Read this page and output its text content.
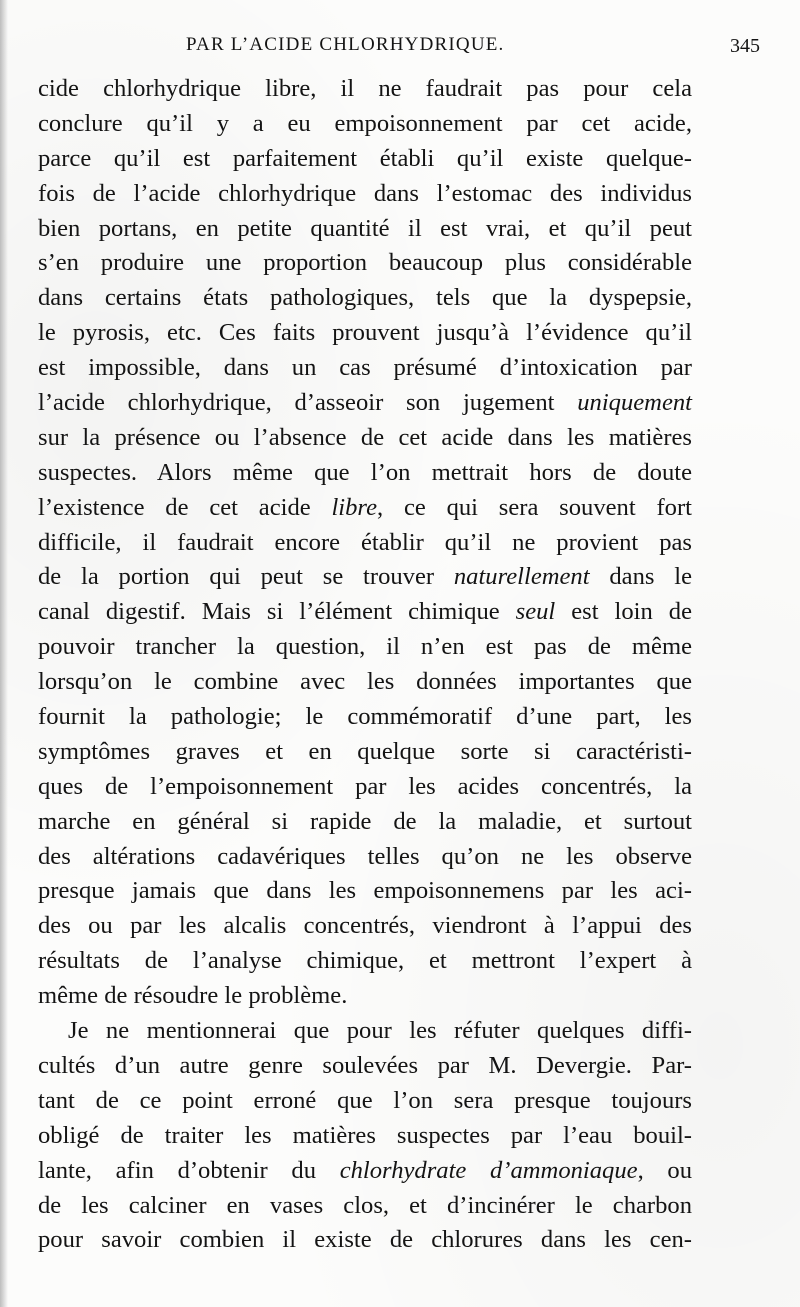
PAR L’ACIDE CHLORHYDRIQUE.	345
cide chlorhydrique libre, il ne faudrait pas pour cela
conclure qu’il y a eu empoisonnement par cet acide,
parce qu’il est parfaitement établi qu’il existe quelque-
fois de l’acide chlorhydrique dans l’estomac des individus
bien portans, en petite quantité il est vrai, et qu’il peut
s’en produire une proportion beaucoup plus considérable
dans certains états pathologiques, tels que la dyspepsie,
le pyrosis, etc. Ces faits prouvent jusqu’à l’évidence qu’il
est impossible, dans un cas présumé d’intoxication par
l’acide chlorhydrique, d’asseoir son jugement uniquement
sur la présence ou l’absence de cet acide dans les matières
suspectes. Alors même que l’on mettrait hors de doute
l’existence de cet acide libre, ce qui sera souvent fort
difficile, il faudrait encore établir qu’il ne provient pas
de la portion qui peut se trouver naturellement dans le
canal digestif. Mais si l’élément chimique seul est loin de
pouvoir trancher la question, il n’en est pas de même
lorsqu’on le combine avec les données importantes que
fournit la pathologie; le commémoratif d’une part, les
symptômes graves et en quelque sorte si caractéristi-
ques de l’empoisonnement par les acides concentrés, la
marche en général si rapide de la maladie, et surtout
des altérations cadavériques telles qu’on ne les observe
presque jamais que dans les empoisonnemens par les aci-
des ou par les alcalis concentrés, viendront à l’appui des
résultats de l’analyse chimique, et mettront l’expert à
même de résoudre le problème.
Je ne mentionnerai que pour les réfuter quelques diffi-
cultés d’un autre genre soulevées par M. Devergie. Par-
tant de ce point erroné que l’on sera presque toujours
obligé de traiter les matières suspectes par l’eau bouil-
lante, afin d’obtenir du chlorhydrate d’ammoniaque, ou
de les calciner en vases clos, et d’incinérer le charbon
pour savoir combien il existe de chlorures dans les cen-
